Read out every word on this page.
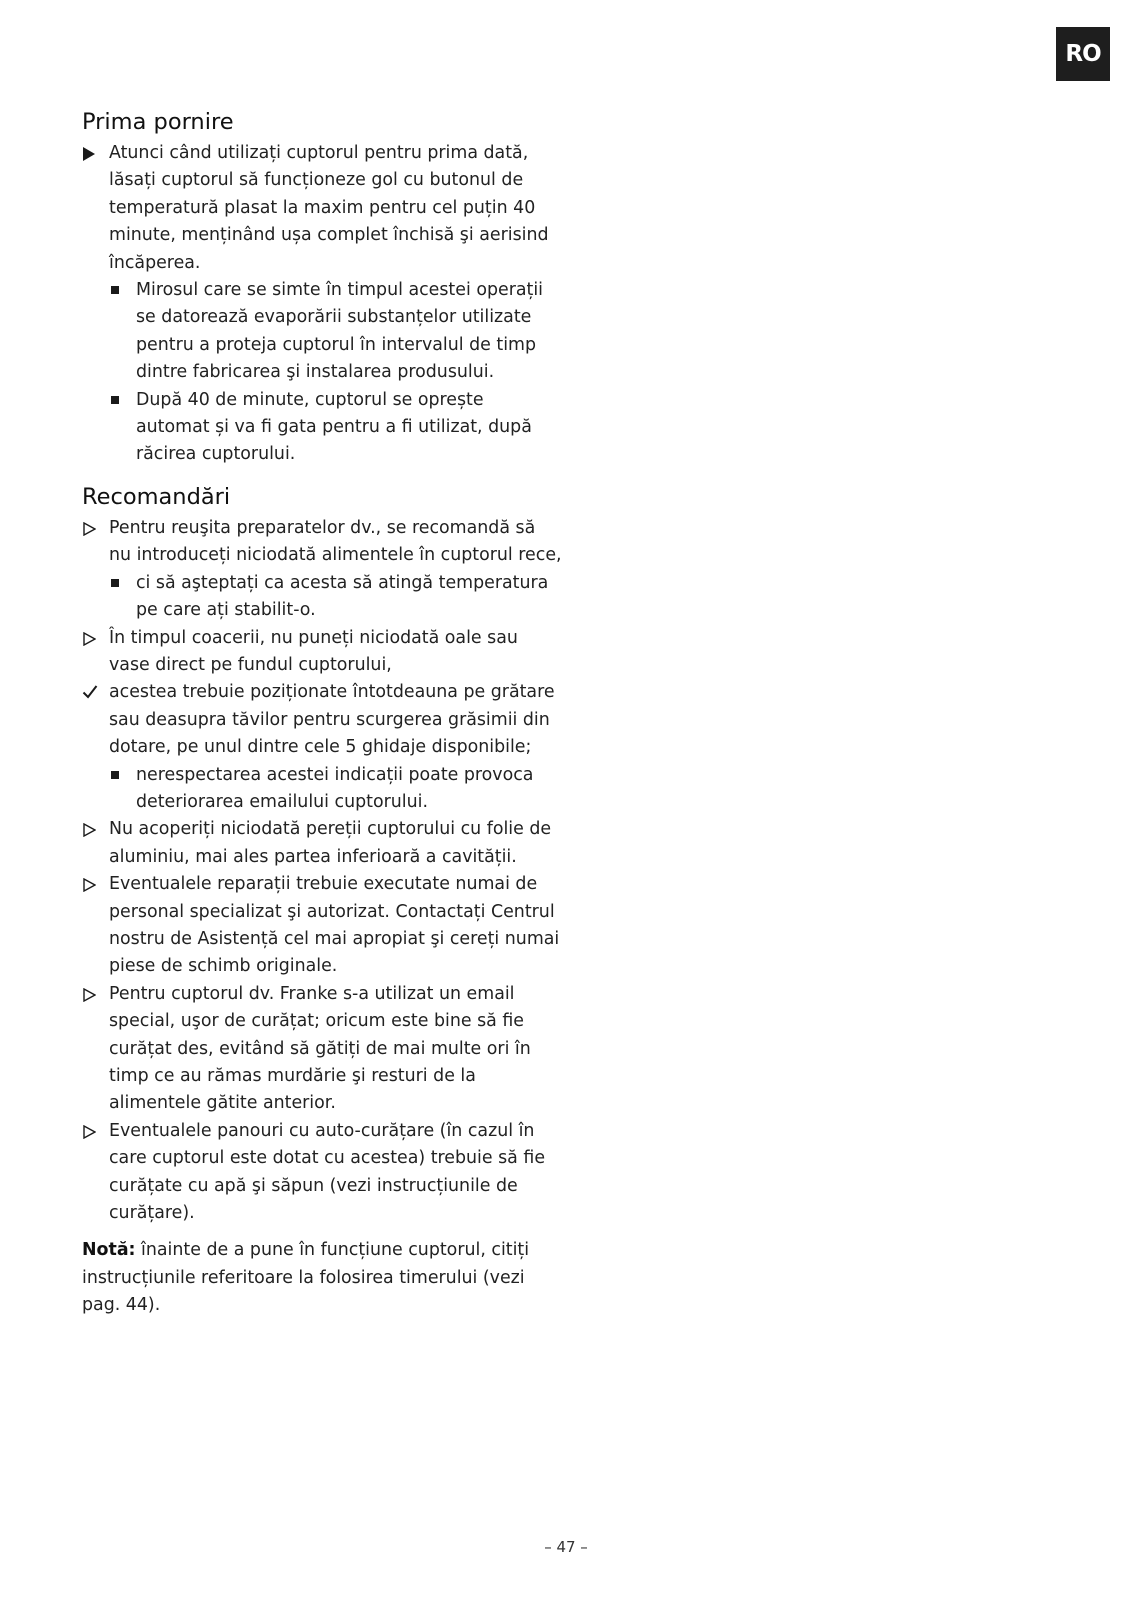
RO
Prima pornire
Atunci când utilizați cuptorul pentru prima dată, lăsați cuptorul să funcționeze gol cu butonul de temperatură plasat la maxim pentru cel puțin 40 minute, menținând ușa complet închisă şi aerisind încăperea.
Mirosul care se simte în timpul acestei operații se datorează evaporării substanțelor utilizate pentru a proteja cuptorul în intervalul de timp dintre fabricarea şi instalarea produsului.
După 40 de minute, cuptorul se oprește automat și va fi gata pentru a fi utilizat, după răcirea cuptorului.
Recomandări
Pentru reuşita preparatelor dv., se recomandă să nu introduceți niciodată alimentele în cuptorul rece,
ci să aşteptați ca acesta să atingă temperatura pe care ați stabilit-o.
În timpul coacerii, nu puneți niciodată oale sau vase direct pe fundul cuptorului,
acestea trebuie poziționate întotdeauna pe grătare sau deasupra tăvilor pentru scurgerea grăsimii din dotare, pe unul dintre cele 5 ghidaje disponibile;
nerespectarea acestei indicații poate provoca deteriorarea emailului cuptorului.
Nu acoperiți niciodată pereții cuptorului cu folie de aluminiu, mai ales partea inferioară a cavității.
Eventualele reparații trebuie executate numai de personal specializat şi autorizat. Contactați Centrul nostru de Asistență cel mai apropiat şi cereți numai piese de schimb originale.
Pentru cuptorul dv. Franke s-a utilizat un email special, uşor de curățat; oricum este bine să fie curățat des, evitând să gătiți de mai multe ori în timp ce au rămas murdărie şi resturi de la alimentele gătite anterior.
Eventualele panouri cu auto-curățare (în cazul în care cuptorul este dotat cu acestea) trebuie să fie curățate cu apă şi săpun (vezi instrucțiunile de curățare).

Notă: înainte de a pune în funcțiune cuptorul, citiți instrucțiunile referitoare la folosirea timerului (vezi pag. 44).

– 47 –
